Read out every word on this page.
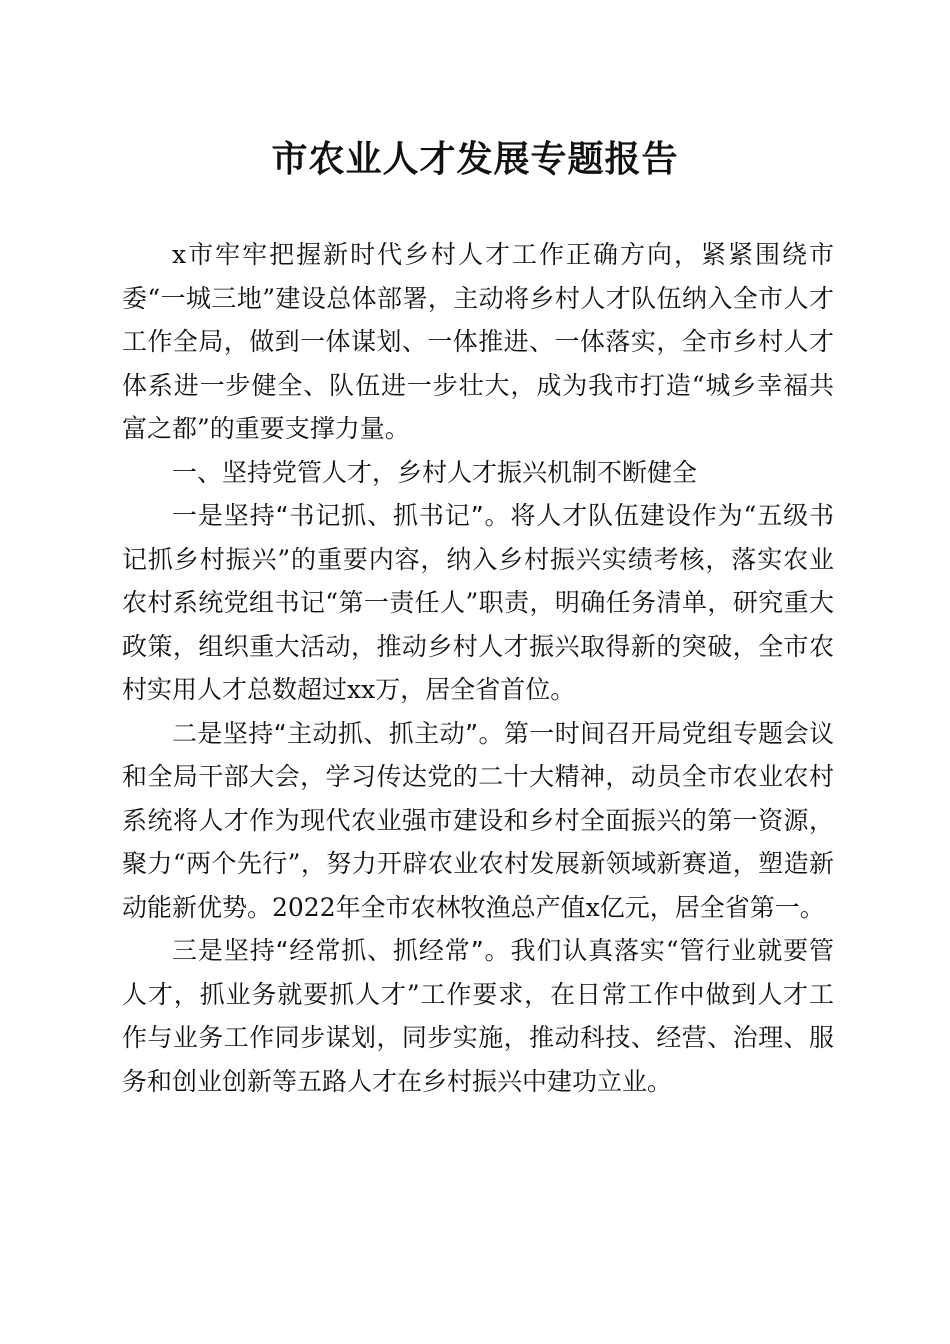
市农业人才发展专题报告

x市牢牢把握新时代乡村人才工作正确方向，紧紧围绕市委“一城三地”建设总体部署，主动将乡村人才队伍纳入全市人才工作全局，做到一体谋划、一体推进、一体落实，全市乡村人才体系进一步健全、队伍进一步壮大，成为我市打造“城乡幸福共富之都”的重要支撑力量。

一、坚持党管人才，乡村人才振兴机制不断健全

一是坚持“书记抓、抓书记”。将人才队伍建设作为“五级书记抓乡村振兴”的重要内容，纳入乡村振兴实绩考核，落实农业农村系统党组书记“第一责任人”职责，明确任务清单，研究重大政策，组织重大活动，推动乡村人才振兴取得新的突破，全市农村实用人才总数超过xx万，居全省首位。

二是坚持“主动抓、抓主动”。第一时间召开局党组专题会议和全局干部大会，学习传达党的二十大精神，动员全市农业农村系统将人才作为现代农业强市建设和乡村全面振兴的第一资源，聚力“两个先行”，努力开辟农业农村发展新领域新赛道，塑造新动能新优势。2022年全市农林牧渔总产值x亿元，居全省第一。

三是坚持“经常抓、抓经常”。我们认真落实“管行业就要管人才，抓业务就要抓人才”工作要求，在日常工作中做到人才工作与业务工作同步谋划，同步实施，推动科技、经营、治理、服务和创业创新等五路人才在乡村振兴中建功立业。
